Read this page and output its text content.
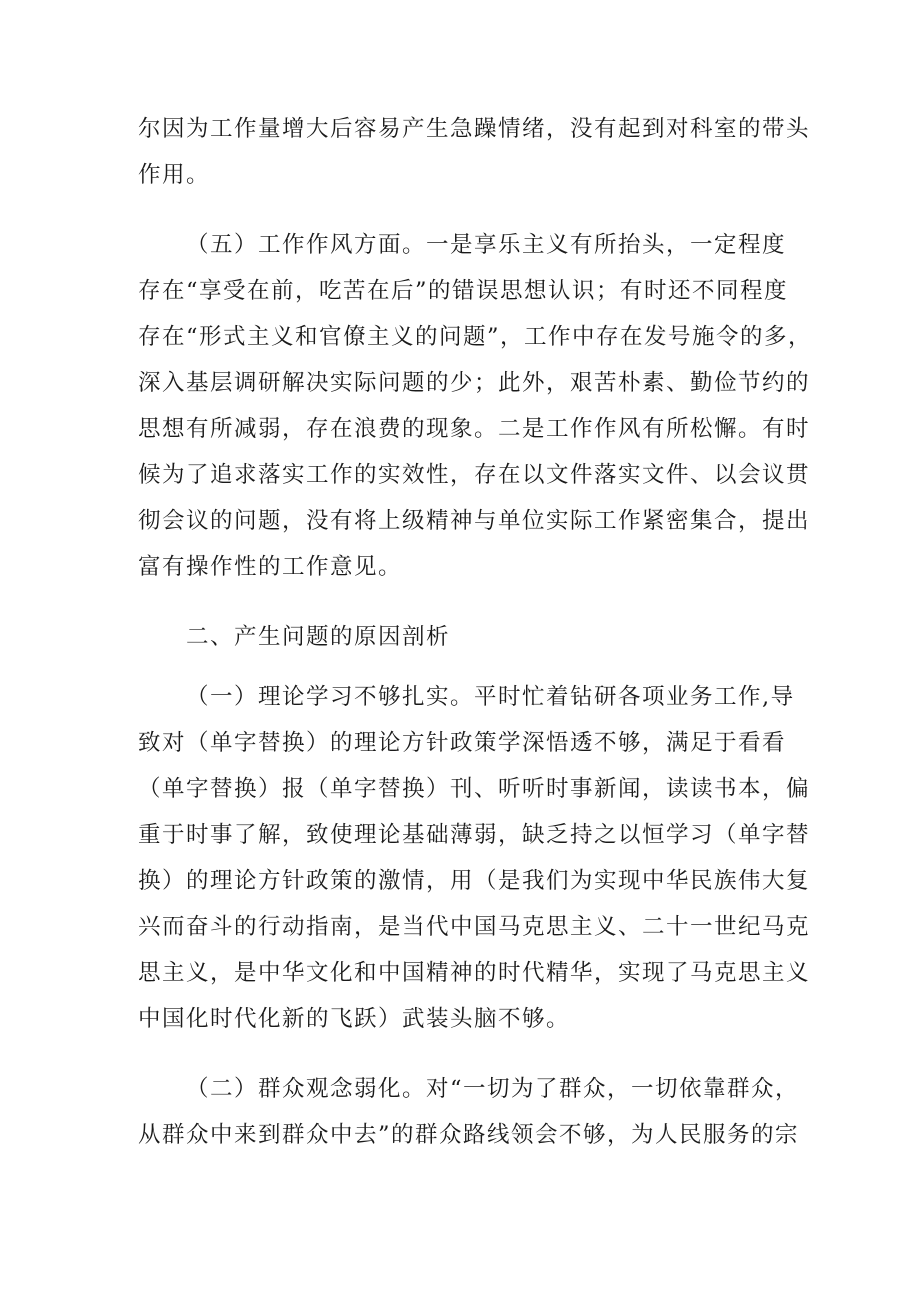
尔因为工作量增大后容易产生急躁情绪，没有起到对科室的带头
作用。
（五）工作作风方面。一是享乐主义有所抬头，一定程度
存在“享受在前，吃苦在后”的错误思想认识；有时还不同程度
存在“形式主义和官僚主义的问题”，工作中存在发号施令的多，
深入基层调研解决实际问题的少；此外，艰苦朴素、勤俭节约的
思想有所减弱，存在浪费的现象。二是工作作风有所松懈。有时
候为了追求落实工作的实效性，存在以文件落实文件、以会议贯
彻会议的问题，没有将上级精神与单位实际工作紧密集合，提出
富有操作性的工作意见。
二、产生问题的原因剖析
（一）理论学习不够扎实。平时忙着钻研各项业务工作,导
致对（单字替换）的理论方针政策学深悟透不够，满足于看看
（单字替换）报（单字替换）刊、听听时事新闻，读读书本，偏
重于时事了解，致使理论基础薄弱，缺乏持之以恒学习（单字替
换）的理论方针政策的激情，用（是我们为实现中华民族伟大复
兴而奋斗的行动指南，是当代中国马克思主义、二十一世纪马克
思主义，是中华文化和中国精神的时代精华，实现了马克思主义
中国化时代化新的飞跃）武装头脑不够。
（二）群众观念弱化。对“一切为了群众，一切依靠群众，
从群众中来到群众中去”的群众路线领会不够，为人民服务的宗
